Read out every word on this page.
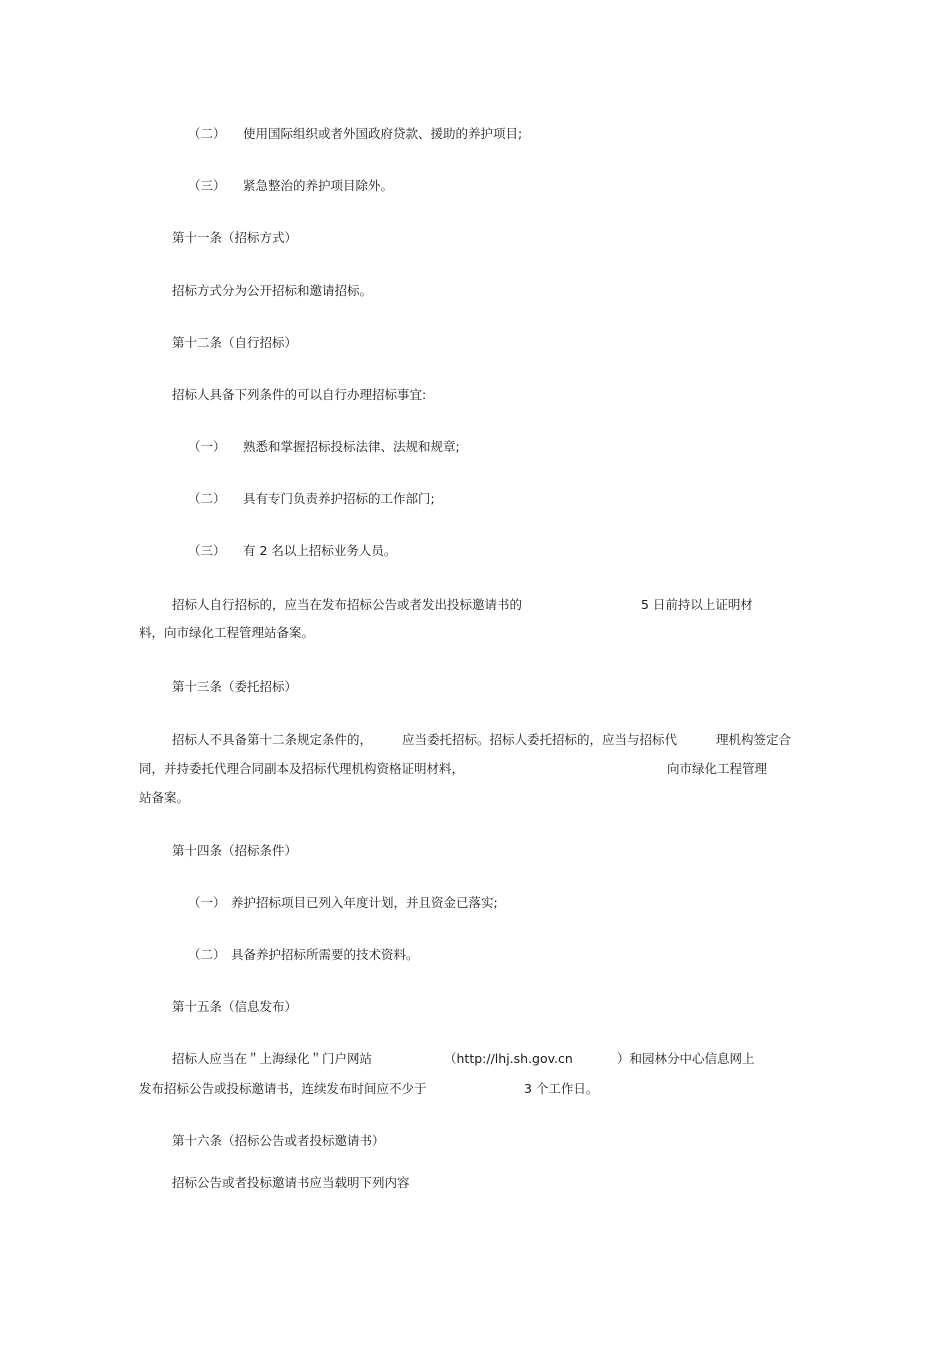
（二） 使用国际组织或者外国政府贷款、援助的养护项目;
（三） 紧急整治的养护项目除外。
第十一条（招标方式）
招标方式分为公开招标和邀请招标。
第十二条（自行招标）
招标人具备下列条件的可以自行办理招标事宜:
（一） 熟悉和掌握招标投标法律、法规和规章;
（二） 具有专门负责养护招标的工作部门;
（三） 有 2 名以上招标业务人员。
招标人自行招标的，应当在发布招标公告或者发出投标邀请书的	5 日前持以上证明材
料，向市绿化工程管理站备案。
第十三条（委托招标）
招标人不具备第十二条规定条件的， 应当委托招标。招标人委托招标的，应当与招标代	理机构签定合
同，并持委托代理合同副本及招标代理机构资格证明材料，	向市绿化工程管理
站备案。
第十四条（招标条件）
（一） 养护招标项目已列入年度计划，并且资金已落实;
（二） 具备养护招标所需要的技术资料。
第十五条（信息发布）
招标人应当在＂上海绿化＂门户网站	（http://lhj.sh.gov.cn	）和园林分中心信息网上
发布招标公告或投标邀请书，连续发布时间应不少于	3 个工作日。
第十六条（招标公告或者投标邀请书）
招标公告或者投标邀请书应当载明下列内容
